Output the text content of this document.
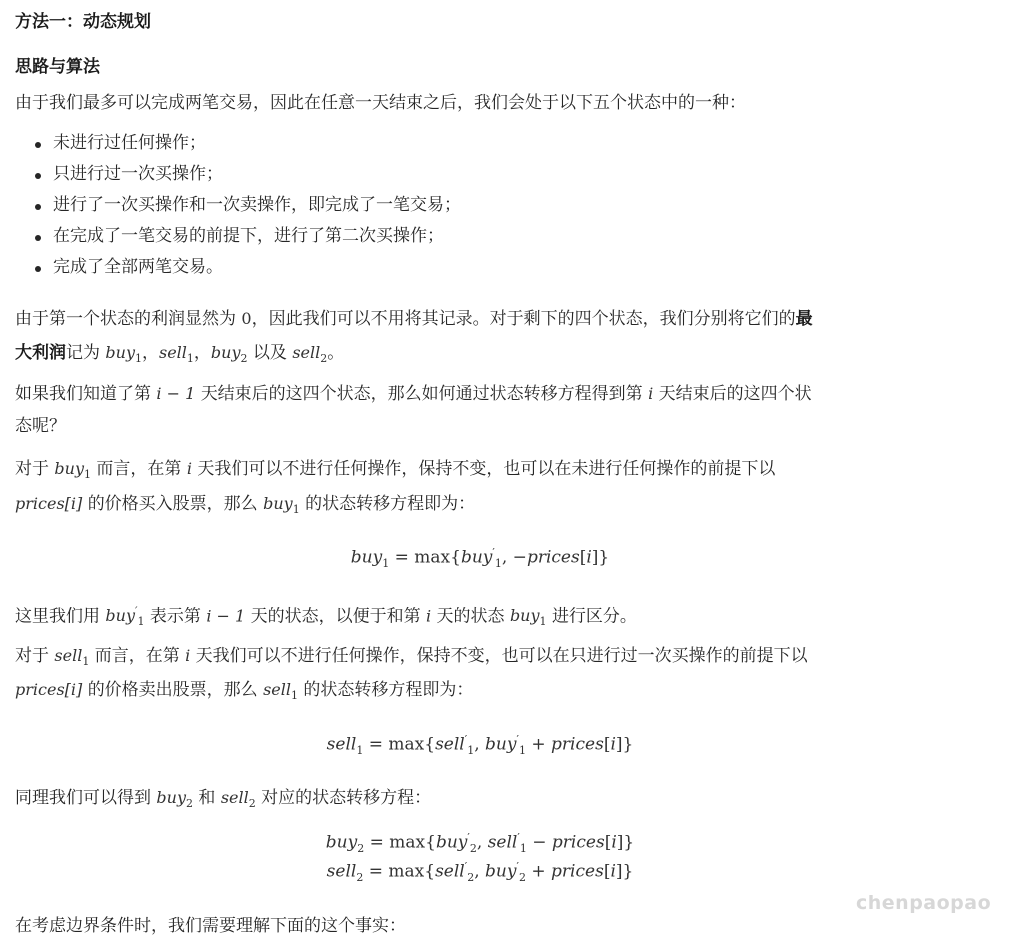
方法一：动态规划
思路与算法
由于我们最多可以完成两笔交易，因此在任意一天结束之后，我们会处于以下五个状态中的一种：
未进行过任何操作；
只进行过一次买操作；
进行了一次买操作和一次卖操作，即完成了一笔交易；
在完成了一笔交易的前提下，进行了第二次买操作；
完成了全部两笔交易。
由于第一个状态的利润显然为 0，因此我们可以不用将其记录。对于剩下的四个状态，我们分别将它们的最
大利润记为 buy$_1$，sell$_1$，buy$_2$ 以及 sell$_2$。
如果我们知道了第 i − 1 天结束后的这四个状态，那么如何通过状态转移方程得到第 i 天结束后的这四个状
态呢？
对于 buy$_1$ 而言，在第 i 天我们可以不进行任何操作，保持不变，也可以在未进行任何操作的前提下以
prices[i] 的价格买入股票，那么 buy$_1$ 的状态转移方程即为：
buy$_1$ = max{buy′$_1$, −prices[i]}
这里我们用 buy′$_1$ 表示第 i − 1 天的状态，以便于和第 i 天的状态 buy$_1$ 进行区分。
对于 sell$_1$ 而言，在第 i 天我们可以不进行任何操作，保持不变，也可以在只进行过一次买操作的前提下以
prices[i] 的价格卖出股票，那么 sell$_1$ 的状态转移方程即为：
sell$_1$ = max{sell′$_1$, buy′$_1$ + prices[i]}
同理我们可以得到 buy$_2$ 和 sell$_2$ 对应的状态转移方程：
buy$_2$ = max{buy′$_2$, sell′$_1$ − prices[i]}
sell$_2$ = max{sell′$_2$, buy′$_2$ + prices[i]}
在考虑边界条件时，我们需要理解下面的这个事实：
chenpaopao
